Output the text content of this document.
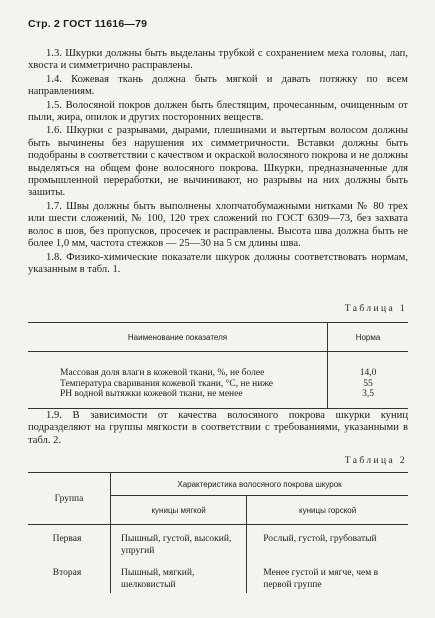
Стр. 2 ГОСТ 11616—79

1.3. Шкурки должны быть выделаны трубкой с сохранением меха головы, лап, хвоста и симметрично расправлены.

1.4. Кожевая ткань должна быть мягкой и давать потяжку по всем направлениям.

1.5. Волосяной покров должен быть блестящим, прочесанным, очищенным от пыли, жира, опилок и других посторонних веществ.

1.6. Шкурки с разрывами, дырами, плешинами и вытертым волосом должны быть вычинены без нарушения их симметричности. Вставки должны быть подобраны в соответствии с качеством и окраской волосяного покрова и не должны выделяться на общем фоне волосяного покрова. Шкурки, предназначенные для промышленной переработки, не вычинивают, но разрывы на них должны быть зашиты.

1.7. Швы должны быть выполнены хлопчатобумажными нитками № 80 трех или шести сложений, № 100, 120 трех сложений по ГОСТ 6309—73, без захвата волос в шов, без пропусков, просечек и расправлены. Высота шва должна быть не более 1,0 мм, частота стежков — 25—30 на 5 см длины шва.

1.8. Физико-химические показатели шкурок должны соответствовать нормам, указанным в табл. 1.

Таблица 1
Наименование показателя	Норма
Массовая доля влаги в кожевой ткани, %, не более	14,0
Температура сваривания кожевой ткани, °С, не ниже	55
РН водной вытяжки кожевой ткани, не менее	3,5

1.9. В зависимости от качества волосяного покрова шкурки куниц подразделяют на группы мягкости в соответствии с требованиями, указанными в табл. 2.

Таблица 2
Группа	Характеристика волосяного покрова шкурок	
	куницы мягкой	куницы горской
Первая	Пышный, густой, высокий, упругий	Рослый, густой, грубоватый
Вторая	Пышный, мягкий, шелковистый	Менее густой и мягче, чем в первой группе
